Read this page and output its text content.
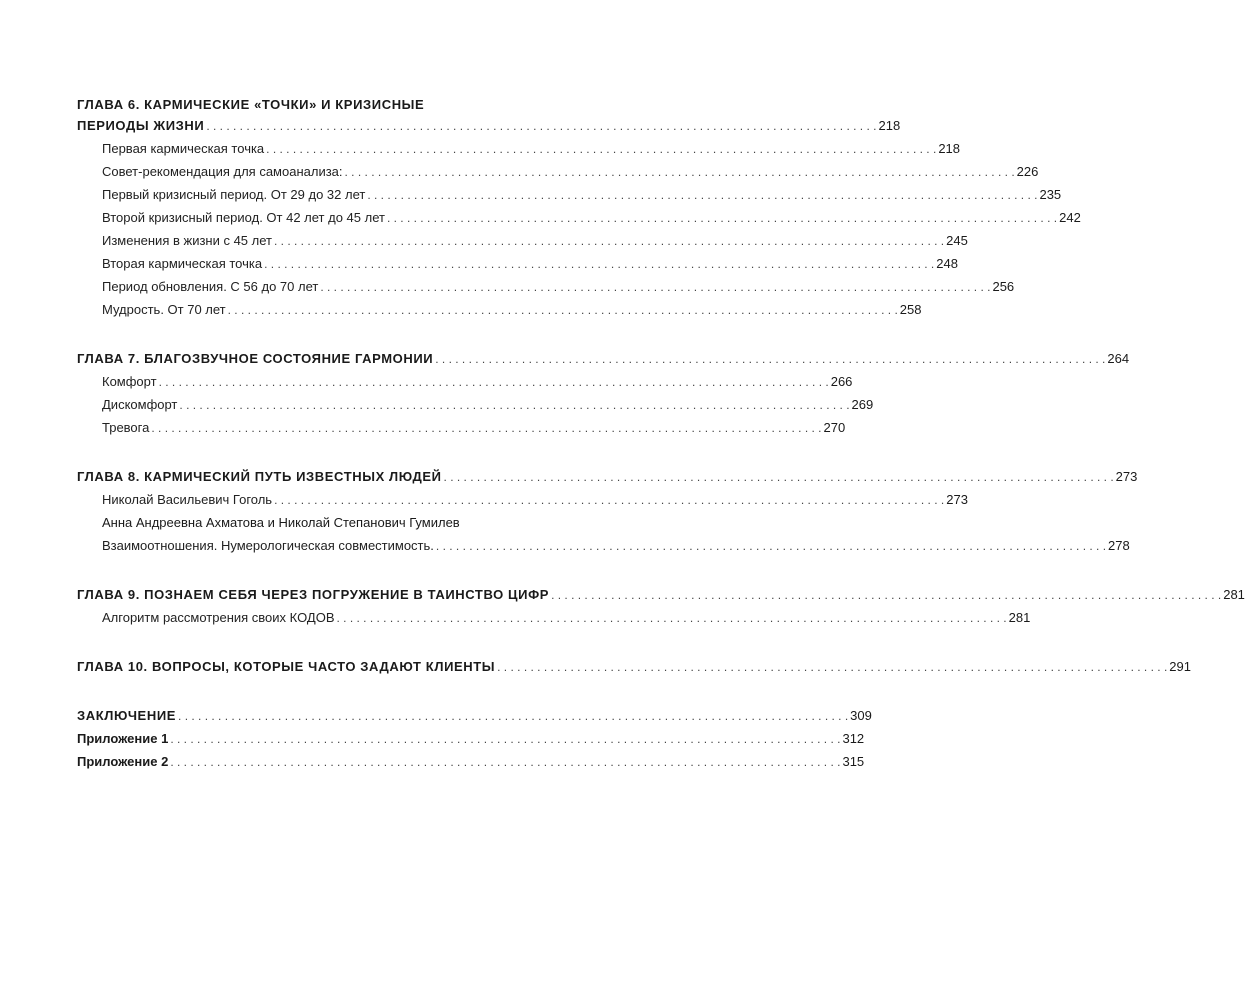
ГЛАВА 6. КАРМИЧЕСКИЕ «ТОЧКИ» И КРИЗИСНЫЕ
ПЕРИОДЫ ЖИЗНИ . . .	218
Первая кармическая точка . . .	218
Совет-рекомендация для самоанализа: . . .	226
Первый кризисный период. От 29 до 32 лет . . .	235
Второй кризисный период. От 42 лет до 45 лет . . .	242
Изменения в жизни с 45 лет . . .	245
Вторая кармическая точка . . .	248
Период обновления. С 56 до 70 лет . . .	256
Мудрость. От 70 лет . . .	258
ГЛАВА 7. БЛАГОЗВУЧНОЕ СОСТОЯНИЕ ГАРМОНИИ . . .	264
Комфорт . . .	266
Дискомфорт . . .	269
Тревога . . .	270
ГЛАВА 8. КАРМИЧЕСКИЙ ПУТЬ ИЗВЕСТНЫХ ЛЮДЕЙ . . .	273
Николай Васильевич Гоголь . . .	273
Анна Андреевна Ахматова и Николай Степанович Гумилев
Взаимоотношения. Нумерологическая совместимость. . . .	278
ГЛАВА 9. ПОЗНАЕМ СЕБЯ ЧЕРЕЗ ПОГРУЖЕНИЕ В ТАИНСТВО ЦИФР . . .	281
Алгоритм рассмотрения своих КОДОВ . . .	281
ГЛАВА 10. ВОПРОСЫ, КОТОРЫЕ ЧАСТО ЗАДАЮТ КЛИЕНТЫ . . .	291
ЗАКЛЮЧЕНИЕ . . .	309
Приложение 1 . . .	312
Приложение 2 . . .	315
